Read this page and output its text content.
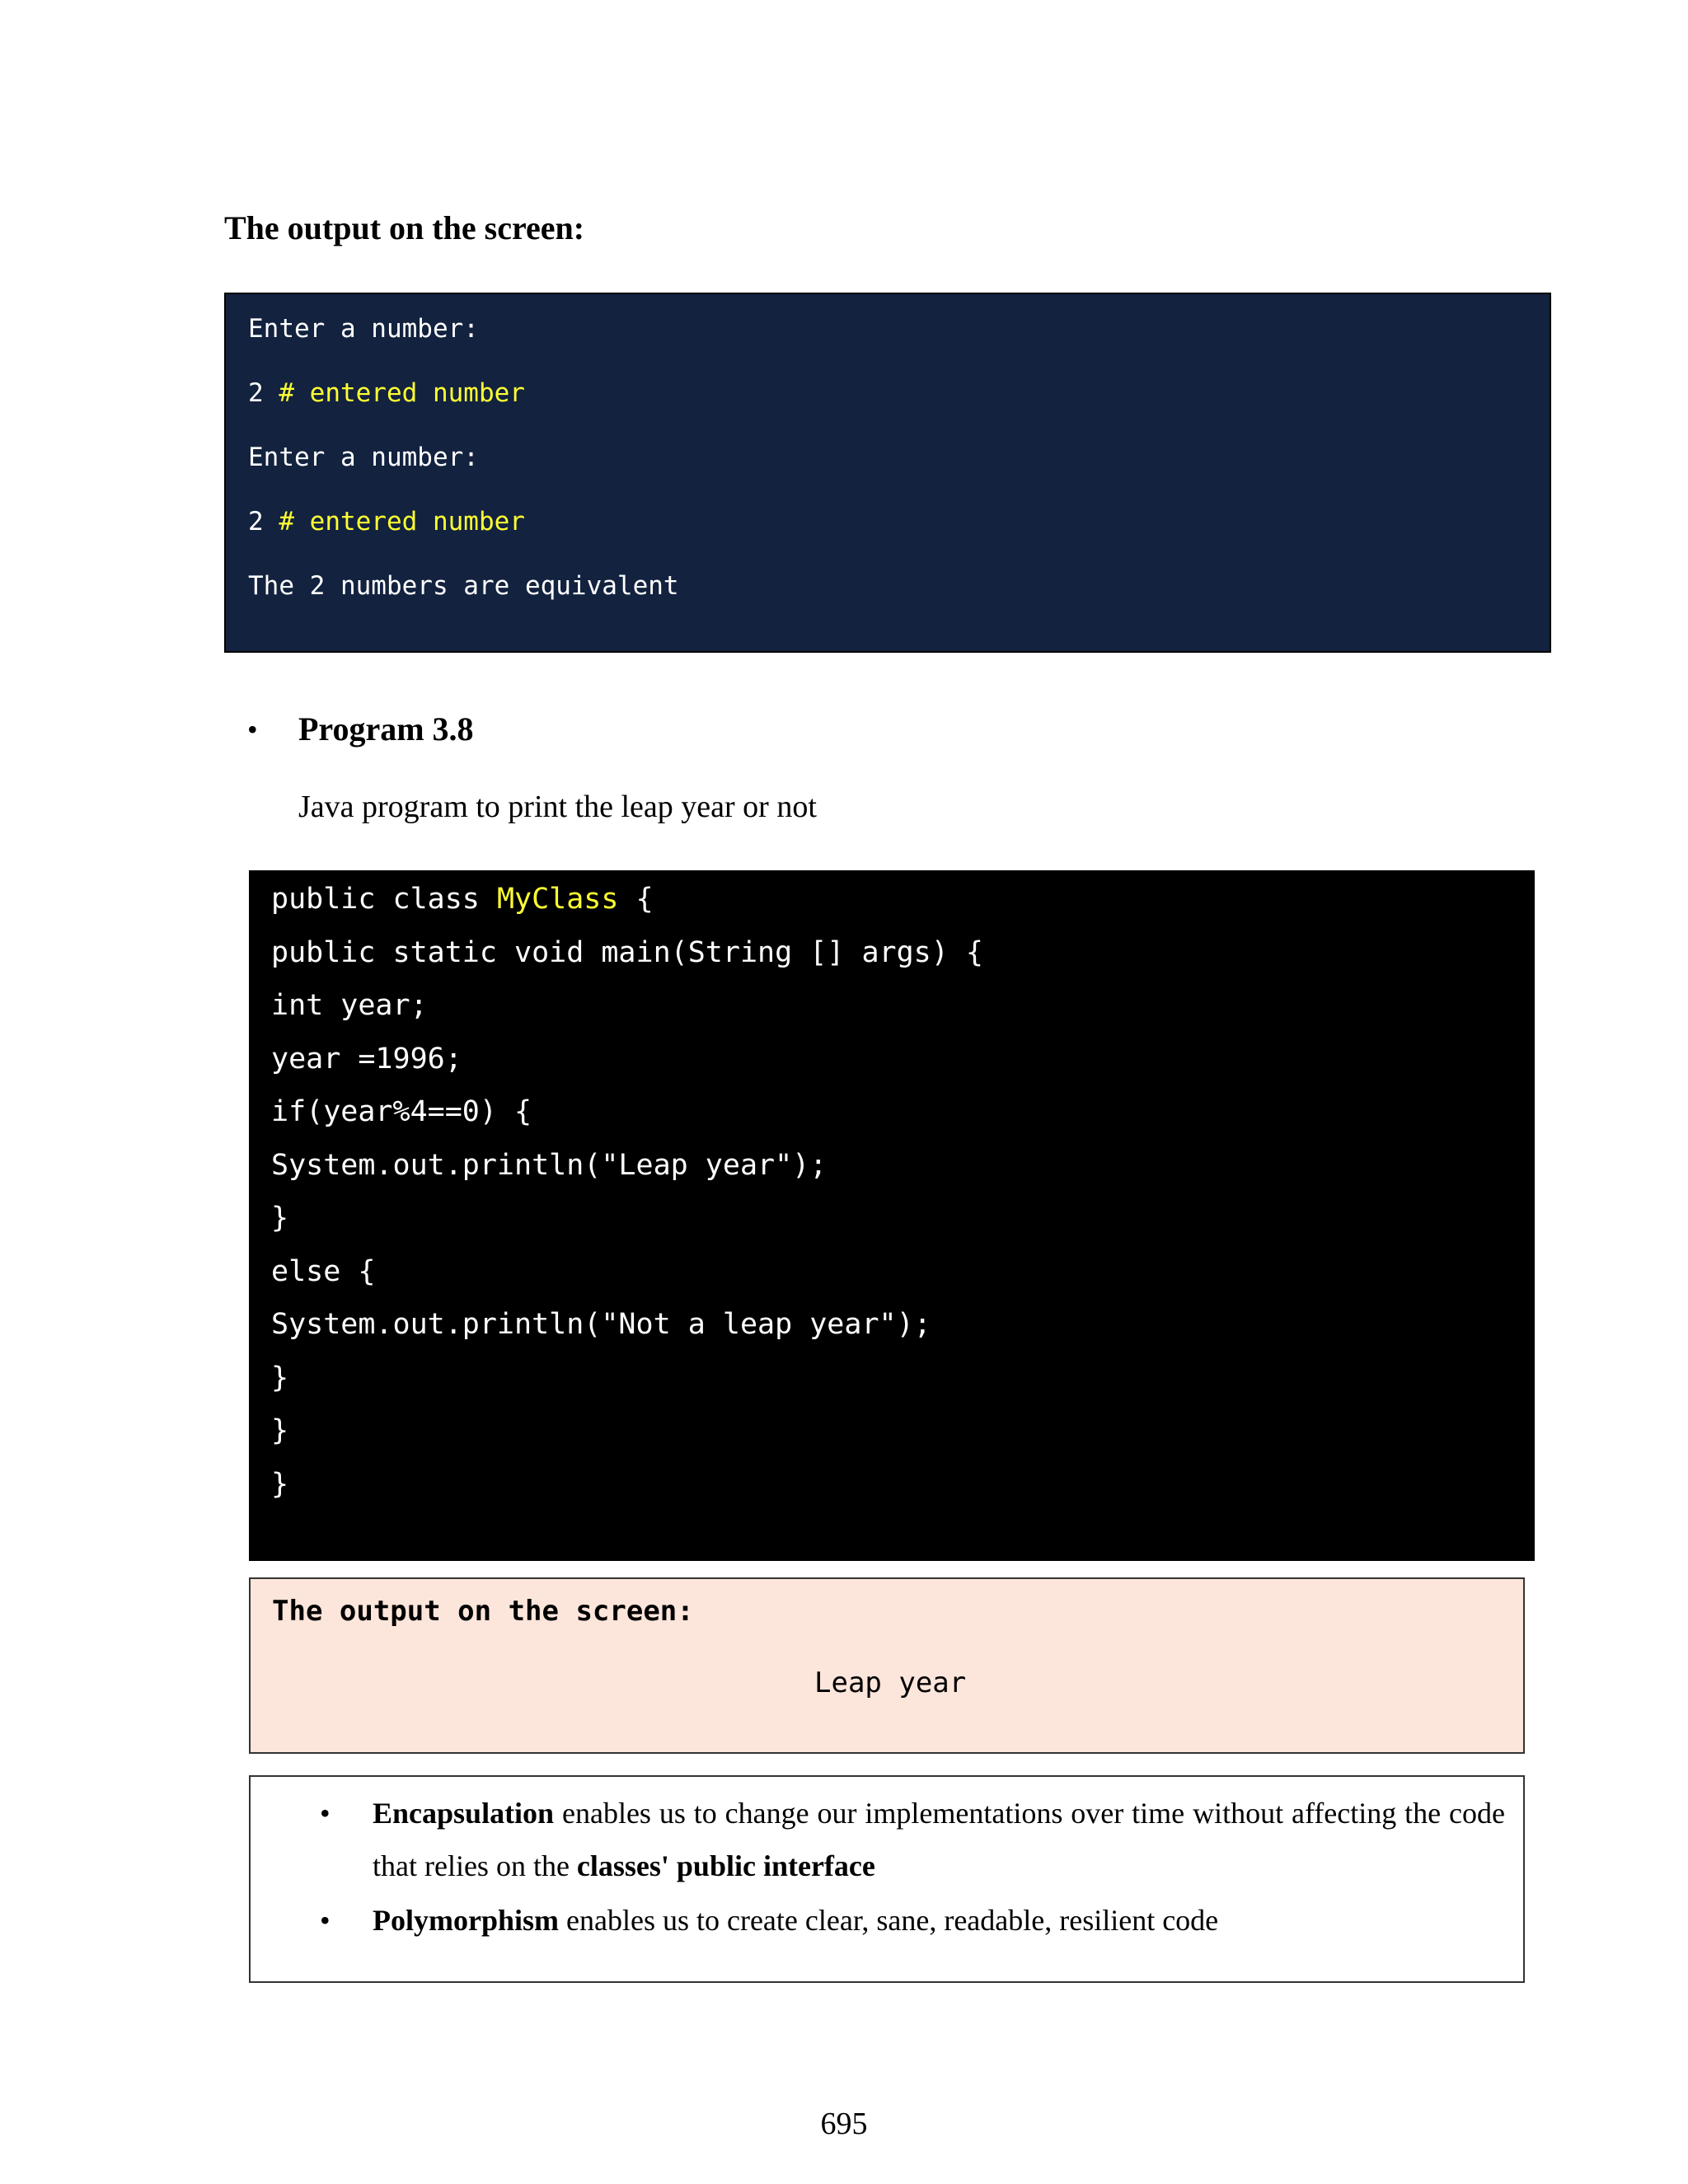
The output on the screen:
Enter a number:
2 # entered number
Enter a number:
2 # entered number
The 2 numbers are equivalent
• Program 3.8
Java program to print the leap year or not
public class MyClass {
public static void main(String [] args) {
int year;
year =1996;
if(year%4==0) {
System.out.println("Leap year");
}
else {
System.out.println("Not a leap year");
}
}
}
The output on the screen:
Leap year
• Encapsulation enables us to change our implementations over time without affecting the code that relies on the classes' public interface
• Polymorphism enables us to create clear, sane, readable, resilient code
695
